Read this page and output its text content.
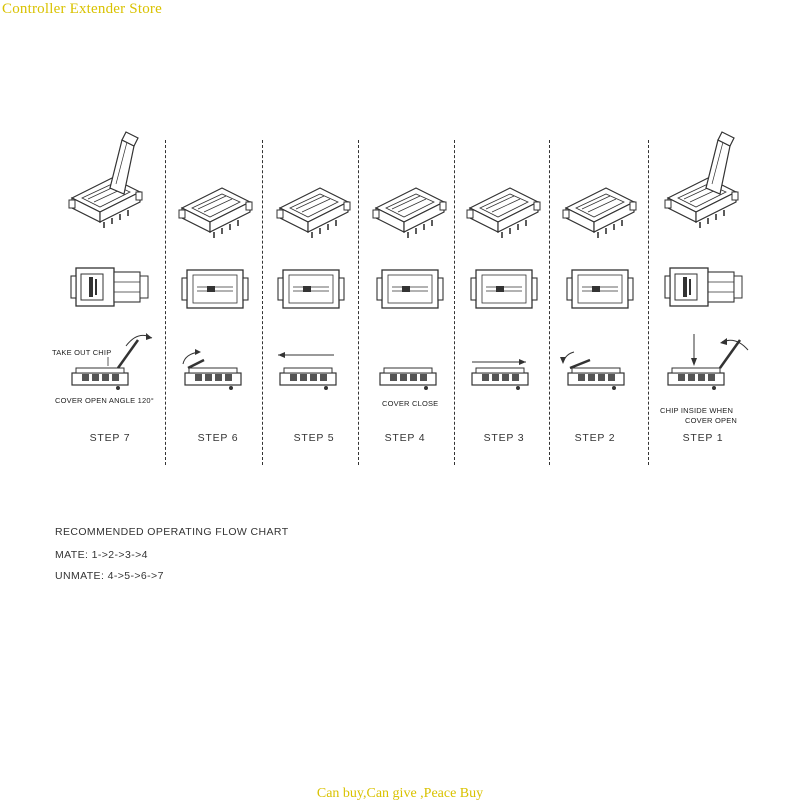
Controller Extender Store
TAKE OUT CHIP
COVER OPEN ANGLE 120°	COVER CLOSE
CHIP INSIDE WHEN
COVER OPEN
STEP 7	STEP 6	STEP 5	STEP 4	STEP 3	STEP 2	STEP 1
RECOMMENDED OPERATING FLOW CHART
MATE: 1->2->3->4
UNMATE: 4->5->6->7
Can buy,Can give ,Peace Buy
